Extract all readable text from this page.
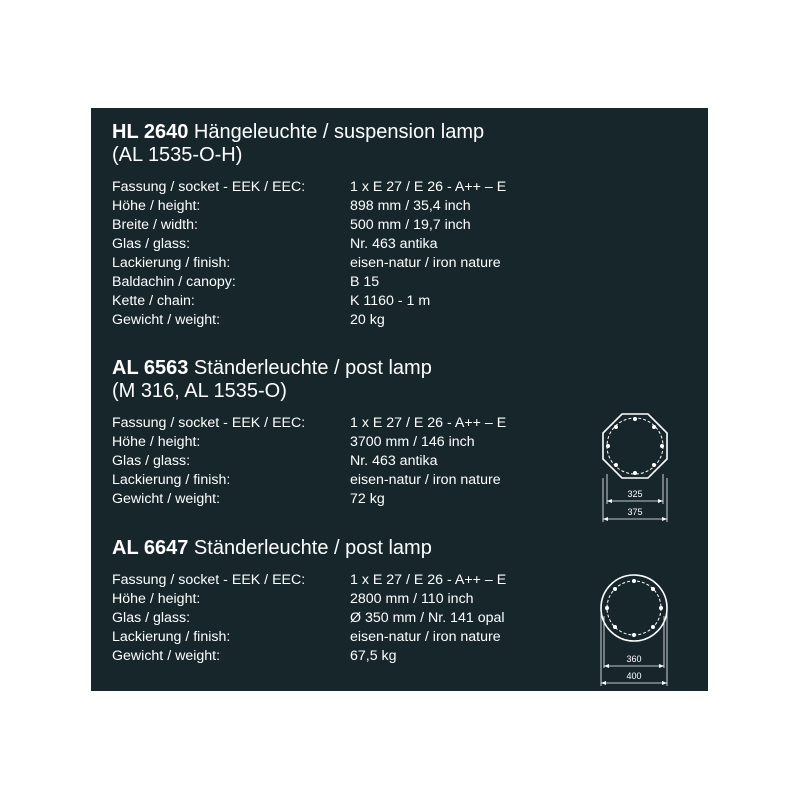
HL 2640 Hängeleuchte / suspension lamp
(AL 1535-O-H)
Fassung / socket - EEK / EEC:	1 x E 27 / E 26 - A++ – E
Höhe / height:	898 mm / 35,4 inch
Breite / width:	500 mm / 19,7 inch
Glas / glass:	Nr. 463 antika
Lackierung / finish:	eisen-natur / iron nature
Baldachin / canopy:	B 15
Kette / chain:	K 1160 - 1 m
Gewicht / weight:	20 kg
AL 6563 Ständerleuchte / post lamp
(M 316, AL 1535-O)
Fassung / socket - EEK / EEC:	1 x E 27 / E 26 - A++ – E
Höhe / height:	3700 mm / 146 inch
Glas / glass:	Nr. 463 antika
Lackierung / finish:	eisen-natur / iron nature
Gewicht / weight:	72 kg
AL 6647 Ständerleuchte / post lamp
Fassung / socket - EEK / EEC:	1 x E 27 / E 26 - A++ – E
Höhe / height:	2800 mm / 110 inch
Glas / glass:	Ø 350 mm / Nr. 141 opal
Lackierung / finish:	eisen-natur / iron nature
Gewicht / weight:	67,5 kg
325
375
360
400
